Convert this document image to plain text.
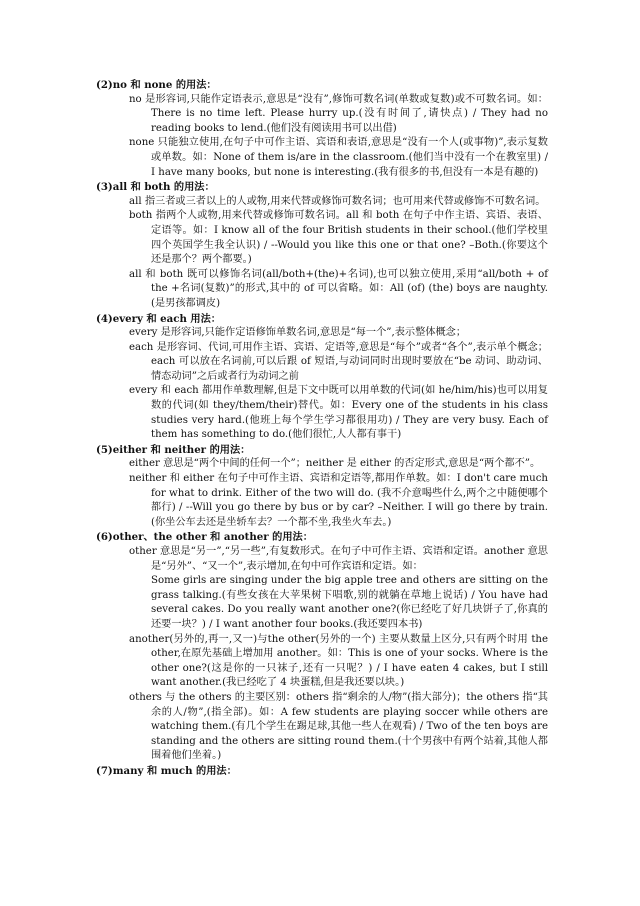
(2)no 和 none 的用法：

no 是形容词,只能作定语表示,意思是“没有”,修饰可数名词(单数或复数)或不可数名词。如：There is no time left. Please hurry up.(没有时间了,请快点) / They had no reading books to lend.(他们没有阅读用书可以出借)

none 只能独立使用,在句子中可作主语、宾语和表语,意思是“没有一个人(或事物)”,表示复数或单数。如：None of them is/are in the classroom.(他们当中没有一个在教室里) / I have many books, but none is interesting.(我有很多的书,但没有一本是有趣的)

(3)all 和 both 的用法：

all 指三者或三者以上的人或物,用来代替或修饰可数名词；也可用来代替或修饰不可数名词。

both 指两个人或物,用来代替或修饰可数名词。all 和 both 在句子中作主语、宾语、表语、定语等。如：I know all of the four British students in their school.(他们学校里四个英国学生我全认识) / --Would you like this one or that one? –Both.(你要这个还是那个？两个都要。)

all 和 both 既可以修饰名词(all/both+(the)+名词),也可以独立使用,采用“all/both + of the +名词(复数)”的形式,其中的 of 可以省略。如：All (of) (the) boys are naughty.(是男孩都调皮)

(4)every 和 each 用法：

every 是形容词,只能作定语修饰单数名词,意思是“每一个”,表示整体概念；

each 是形容词、代词,可用作主语、宾语、定语等,意思是“每个”或者“各个”,表示单个概念；each 可以放在名词前,可以后跟 of 短语,与动词同时出现时要放在“be 动词、助动词、情态动词”之后或者行为动词之前

every 和 each 都用作单数理解,但是下文中既可以用单数的代词(如 he/him/his)也可以用复数的代词(如 they/them/their)替代。如：Every one of the students in his class studies very hard.(他班上每个学生学习都很用功) / They are very busy. Each of them has something to do.(他们很忙,人人都有事干)

(5)either 和 neither 的用法：

either 意思是“两个中间的任何一个”；neither 是 either 的否定形式,意思是“两个都不”。

neither 和 either 在句子中可作主语、宾语和定语等,都用作单数。如：I don't care much for what to drink. Either of the two will do. (我不介意喝些什么,两个之中随便哪个都行) / --Will you go there by bus or by car? –Neither. I will go there by train.(你坐公车去还是坐轿车去？一个都不坐,我坐火车去。)

(6)other、the other 和 another 的用法：

other 意思是“另一”,“另一些”,有复数形式。在句子中可作主语、宾语和定语。another 意思是“另外”、“又一个”,表示增加,在句中可作宾语和定语。如：

Some girls are singing under the big apple tree and others are sitting on the grass talking.(有些女孩在大苹果树下唱歌,别的就躺在草地上说话) / You have had several cakes. Do you really want another one?(你已经吃了好几块饼子了,你真的还要一块？) / I want another four books.(我还要四本书)

another(另外的,再一,又一)与the other(另外的一个) 主要从数量上区分,只有两个时用 the other,在原先基础上增加用 another。如：This is one of your socks. Where is the other one?(这是你的一只袜子,还有一只呢？) / I have eaten 4 cakes, but I still want another.(我已经吃了 4 块蛋糕,但是我还要以块。)

others 与 the others 的主要区别：others 指“剩余的人/物”(指大部分)；the others 指“其余的人/物”,(指全部)。如：A few students are playing soccer while others are watching them.(有几个学生在踢足球,其他一些人在观看) / Two of the ten boys are standing and the others are sitting round them.(十个男孩中有两个站着,其他人都围着他们坐着。)

(7)many 和 much 的用法：
